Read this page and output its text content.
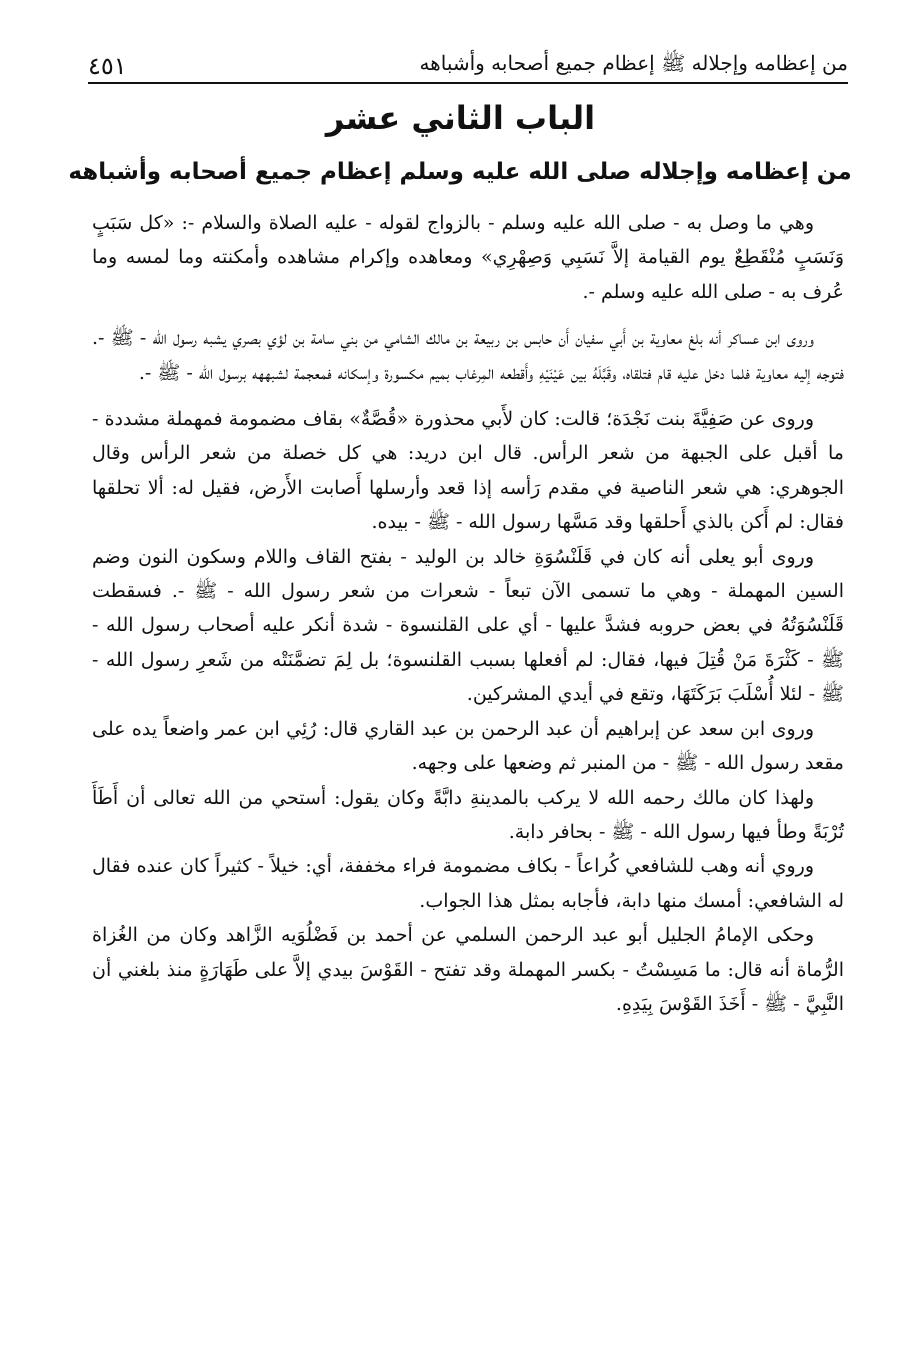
من إعظامه وإجلاله ﷺ إعظام جميع أصحابه وأشباهه
٤٥١
الباب الثاني عشر
من إعظامه وإجلاله صلى الله عليه وسلم إعظام جميع أصحابه وأشباهه

وهي ما وصل به - صلى الله عليه وسلم - بالزواج لقوله - عليه الصلاة والسلام -: «كل سَبَبٍ وَنَسَبٍ مُنْقَطِعٌ يوم القيامة إلاَّ نَسَبِي وَصِهْرِي» ومعاهده وإكرام مشاهده وأمكنته وما لمسه وما عُرف به - صلى الله عليه وسلم -.

وروى ابن عساكر أنه بلغ معاوية بن أَبي سفيان أَن حابس بن ربيعة بن مالك الشامي من بني سامة بن لؤي بصري يشبه رسول الله - ﷺ -. فتوجه إليه معاوية فلما دخل عليه قام فتلقاه، وقَبَّلَهُ بين عَيْنَيْهِ وأَقطعه المِرغاب بميم مكسورة وإسكانه فمعجمة لشبههه برسول الله - ﷺ -.

وروى عن صَفِيَّةَ بنت نَجْدَة؛ قالت: كان لأَبي محذورة «قُصَّةٌ» بقاف مضمومة فمهملة مشددة - ما أقبل على الجبهة من شعر الرأس. قال ابن دريد: هي كل خصلة من شعر الرأس وقال الجوهري: هي شعر الناصية في مقدم رَأسه إذا قعد وأرسلها أَصابت الأَرض، فقيل له: ألا تحلقها فقال: لم أَكن بالذي أَحلقها وقد مَسَّها رسول الله - ﷺ - بيده.

وروى أبو يعلى أنه كان في قَلَنْسُوَةِ خالد بن الوليد - بفتح القاف واللام وسكون النون وضم السين المهملة - وهي ما تسمى الآن تبعاً - شعرات من شعر رسول الله - ﷺ -. فسقطت قَلَنْسُوَتُهُ في بعض حروبه فشدَّ عليها - أي على القلنسوة - شدة أنكر عليه أصحاب رسول الله - ﷺ - كَثْرَةَ مَنْ قُتِلَ فيها، فقال: لم أفعلها بسبب القلنسوة؛ بل لِمَ تضمَّنَتْه من شَعرِ رسول الله - ﷺ - لئلا أُسْلَبَ بَرَكَتَهَا، وتقع في أيدي المشركين.

وروى ابن سعد عن إبراهيم أن عبد الرحمن بن عبد القاري قال: رُئِي ابن عمر واضعاً يده على مقعد رسول الله - ﷺ - من المنبر ثم وضعها على وجهه.

ولهذا كان مالك رحمه الله لا يركب بالمدينةِ دابَّةً وكان يقول: أستحي من الله تعالى أن أَطَأَ تُرْبَةً وطأ فيها رسول الله - ﷺ - بحافر دابة.

وروي أنه وهب للشافعي كُراعاً - بكاف مضمومة فراء مخففة، أي: خيلاً - كثيراً كان عنده فقال له الشافعي: أمسك منها دابة، فأجابه بمثل هذا الجواب.

وحكى الإمامُ الجليل أبو عبد الرحمن السلمي عن أحمد بن فَضْلُوَيه الزَّاهد وكان من الغُزاة الرُّماة أنه قال: ما مَسِسْتُ - بكسر المهملة وقد تفتح - القَوْسَ بيدي إلاَّ على طَهَارَةٍ منذ بلغني أن النَّبِيَّ - ﷺ - أَخَذَ القَوْسَ بِيَدِهِ.
